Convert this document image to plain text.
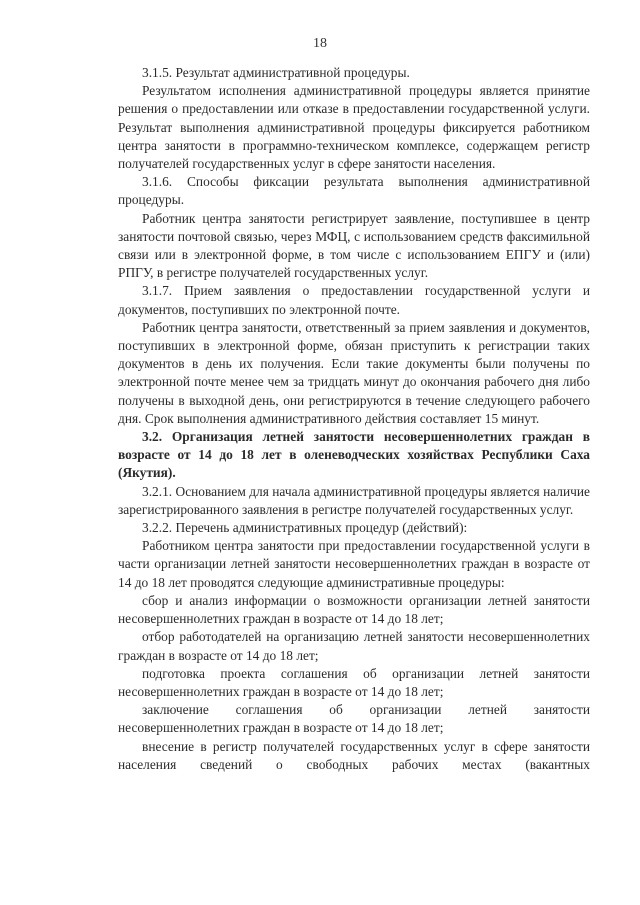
18

3.1.5. Результат административной процедуры.

Результатом исполнения административной процедуры является принятие решения о предоставлении или отказе в предоставлении государственной услуги. Результат выполнения административной процедуры фиксируется работником центра занятости в программно-техническом комплексе, содержащем регистр получателей государственных услуг в сфере занятости населения.

3.1.6. Способы фиксации результата выполнения административной процедуры.

Работник центра занятости регистрирует заявление, поступившее в центр занятости почтовой связью, через МФЦ, с использованием средств факсимильной связи или в электронной форме, в том числе с использованием ЕПГУ и (или) РПГУ, в регистре получателей государственных услуг.

3.1.7. Прием заявления о предоставлении государственной услуги и документов, поступивших по электронной почте.

Работник центра занятости, ответственный за прием заявления и документов, поступивших в электронной форме, обязан приступить к регистрации таких документов в день их получения. Если такие документы были получены по электронной почте менее чем за тридцать минут до окончания рабочего дня либо получены в выходной день, они регистрируются в течение следующего рабочего дня. Срок выполнения административного действия составляет 15 минут.

3.2. Организация летней занятости несовершеннолетних граждан в возрасте от 14 до 18 лет в оленеводческих хозяйствах Республики Саха (Якутия).

3.2.1. Основанием для начала административной процедуры является наличие зарегистрированного заявления в регистре получателей государственных услуг.

3.2.2. Перечень административных процедур (действий):

Работником центра занятости при предоставлении государственной услуги в части организации летней занятости несовершеннолетних граждан в возрасте от 14 до 18 лет проводятся следующие административные процедуры:

сбор и анализ информации о возможности организации летней занятости несовершеннолетних граждан в возрасте от 14 до 18 лет;

отбор работодателей на организацию летней занятости несовершеннолетних граждан в возрасте от 14 до 18 лет;

подготовка проекта соглашения об организации летней занятости несовершеннолетних граждан в возрасте от 14 до 18 лет;

заключение соглашения об организации летней занятости несовершеннолетних граждан в возрасте от 14 до 18 лет;

внесение в регистр получателей государственных услуг в сфере занятости населения сведений о свободных рабочих местах (вакантных
